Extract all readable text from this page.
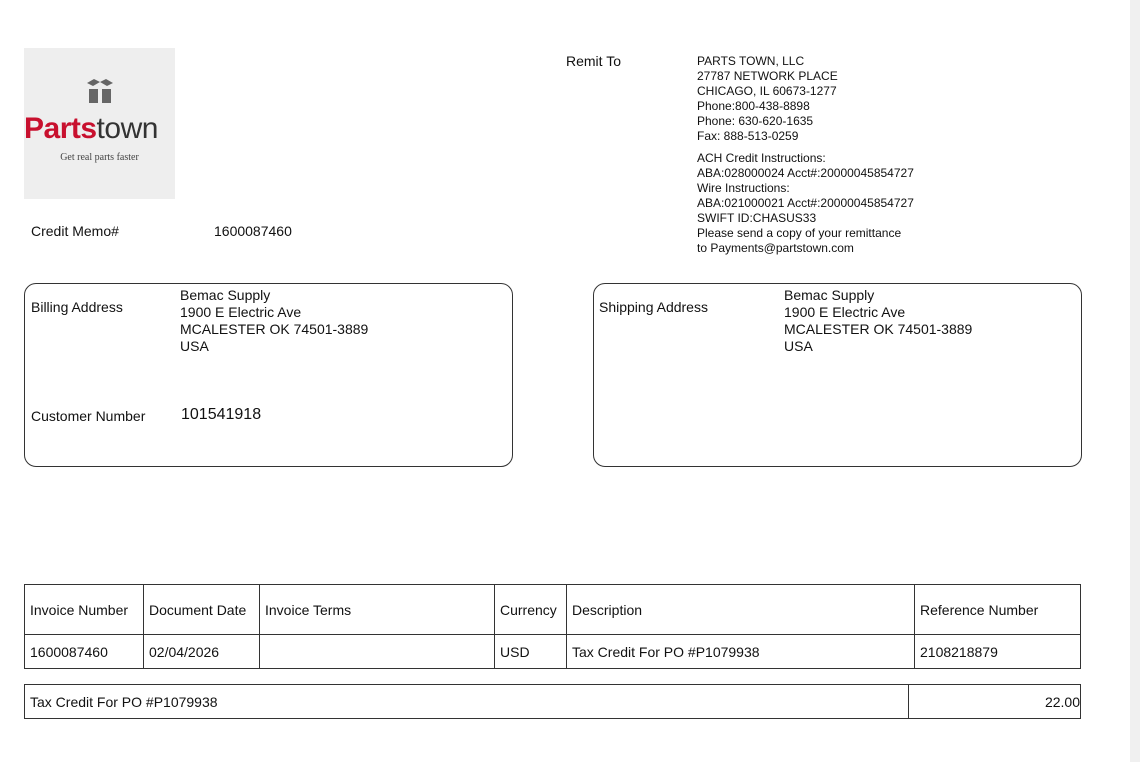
Partstown
Get real parts faster
Credit Memo#	1600087460
Remit To	PARTS TOWN, LLC
27787 NETWORK PLACE
CHICAGO, IL 60673-1277
Phone:800-438-8898
Phone: 630-620-1635
Fax: 888-513-0259
ACH Credit Instructions:
ABA:028000024 Acct#:20000045854727
Wire Instructions:
ABA:021000021 Acct#:20000045854727
SWIFT ID:CHASUS33
Please send a copy of your remittance
to Payments@partstown.com
Billing Address
Bemac Supply
1900 E Electric Ave
MCALESTER OK 74501-3889
USA
Customer Number 101541918
Shipping Address
Bemac Supply
1900 E Electric Ave
MCALESTER OK 74501-3889
USA
Invoice Number	Document Date	Invoice Terms	Currency	Description	Reference Number
1600087460	02/04/2026		USD	Tax Credit For PO #P1079938	2108218879
Tax Credit For PO #P1079938	22.00
